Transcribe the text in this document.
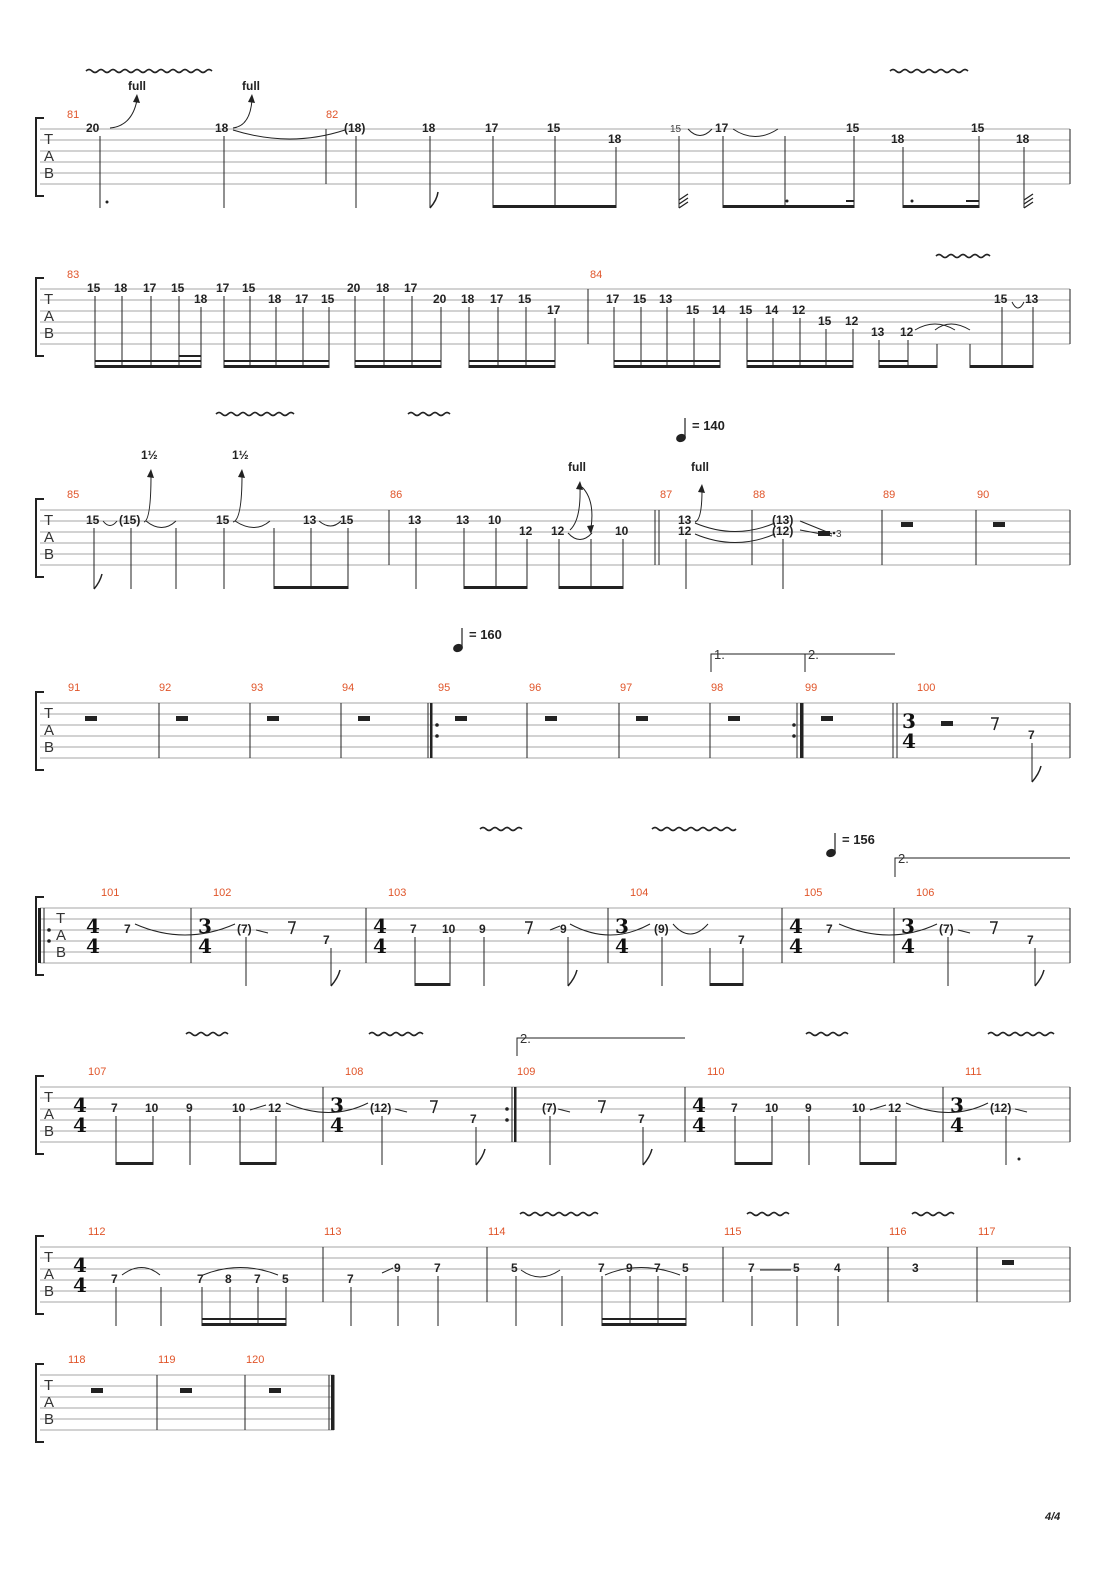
T
A
B
81	82
full	full
20	18	(18)	18	17	15
18
15	17	15
18
15
18
T
A
B
83	84
15 18 17 15
18
17 15
18 17 15
20 18 17
20 18 17 15
17
17 15 13
15 14 15 14 12
15 12
13 12
15 13
T
A
B
85	86	87	88	89	90
= 140
1½	1½
full	full
15 (15)	15	13 15	13	13 10
12 12	10
13
12
(13)
(12)	3
T
A
B
91	92	93	94	95	96	97	98	99	100
= 160
1.	2.
3
4	7
T
A
B
101	102	103	104	105	106
= 156
2.
4
4
3
4
4
4
3
4
4
4
3
4
7	(7)
7
7 10 9	9	(9)
7
7	(7)
7
T
A
B
107	108	109	110	111
2.
4
4
3
4
4
4
3
4
7 10 9	10 12	(12)
7
(7)
7
7 10 9	10 12	(12)
T
A
B
112	113	114	115	116	117
4
4 7	7 8 7 5	7
9	7	5	7 9 7 5	7	5	4	3
T
A
B
118	119	120
4/4
